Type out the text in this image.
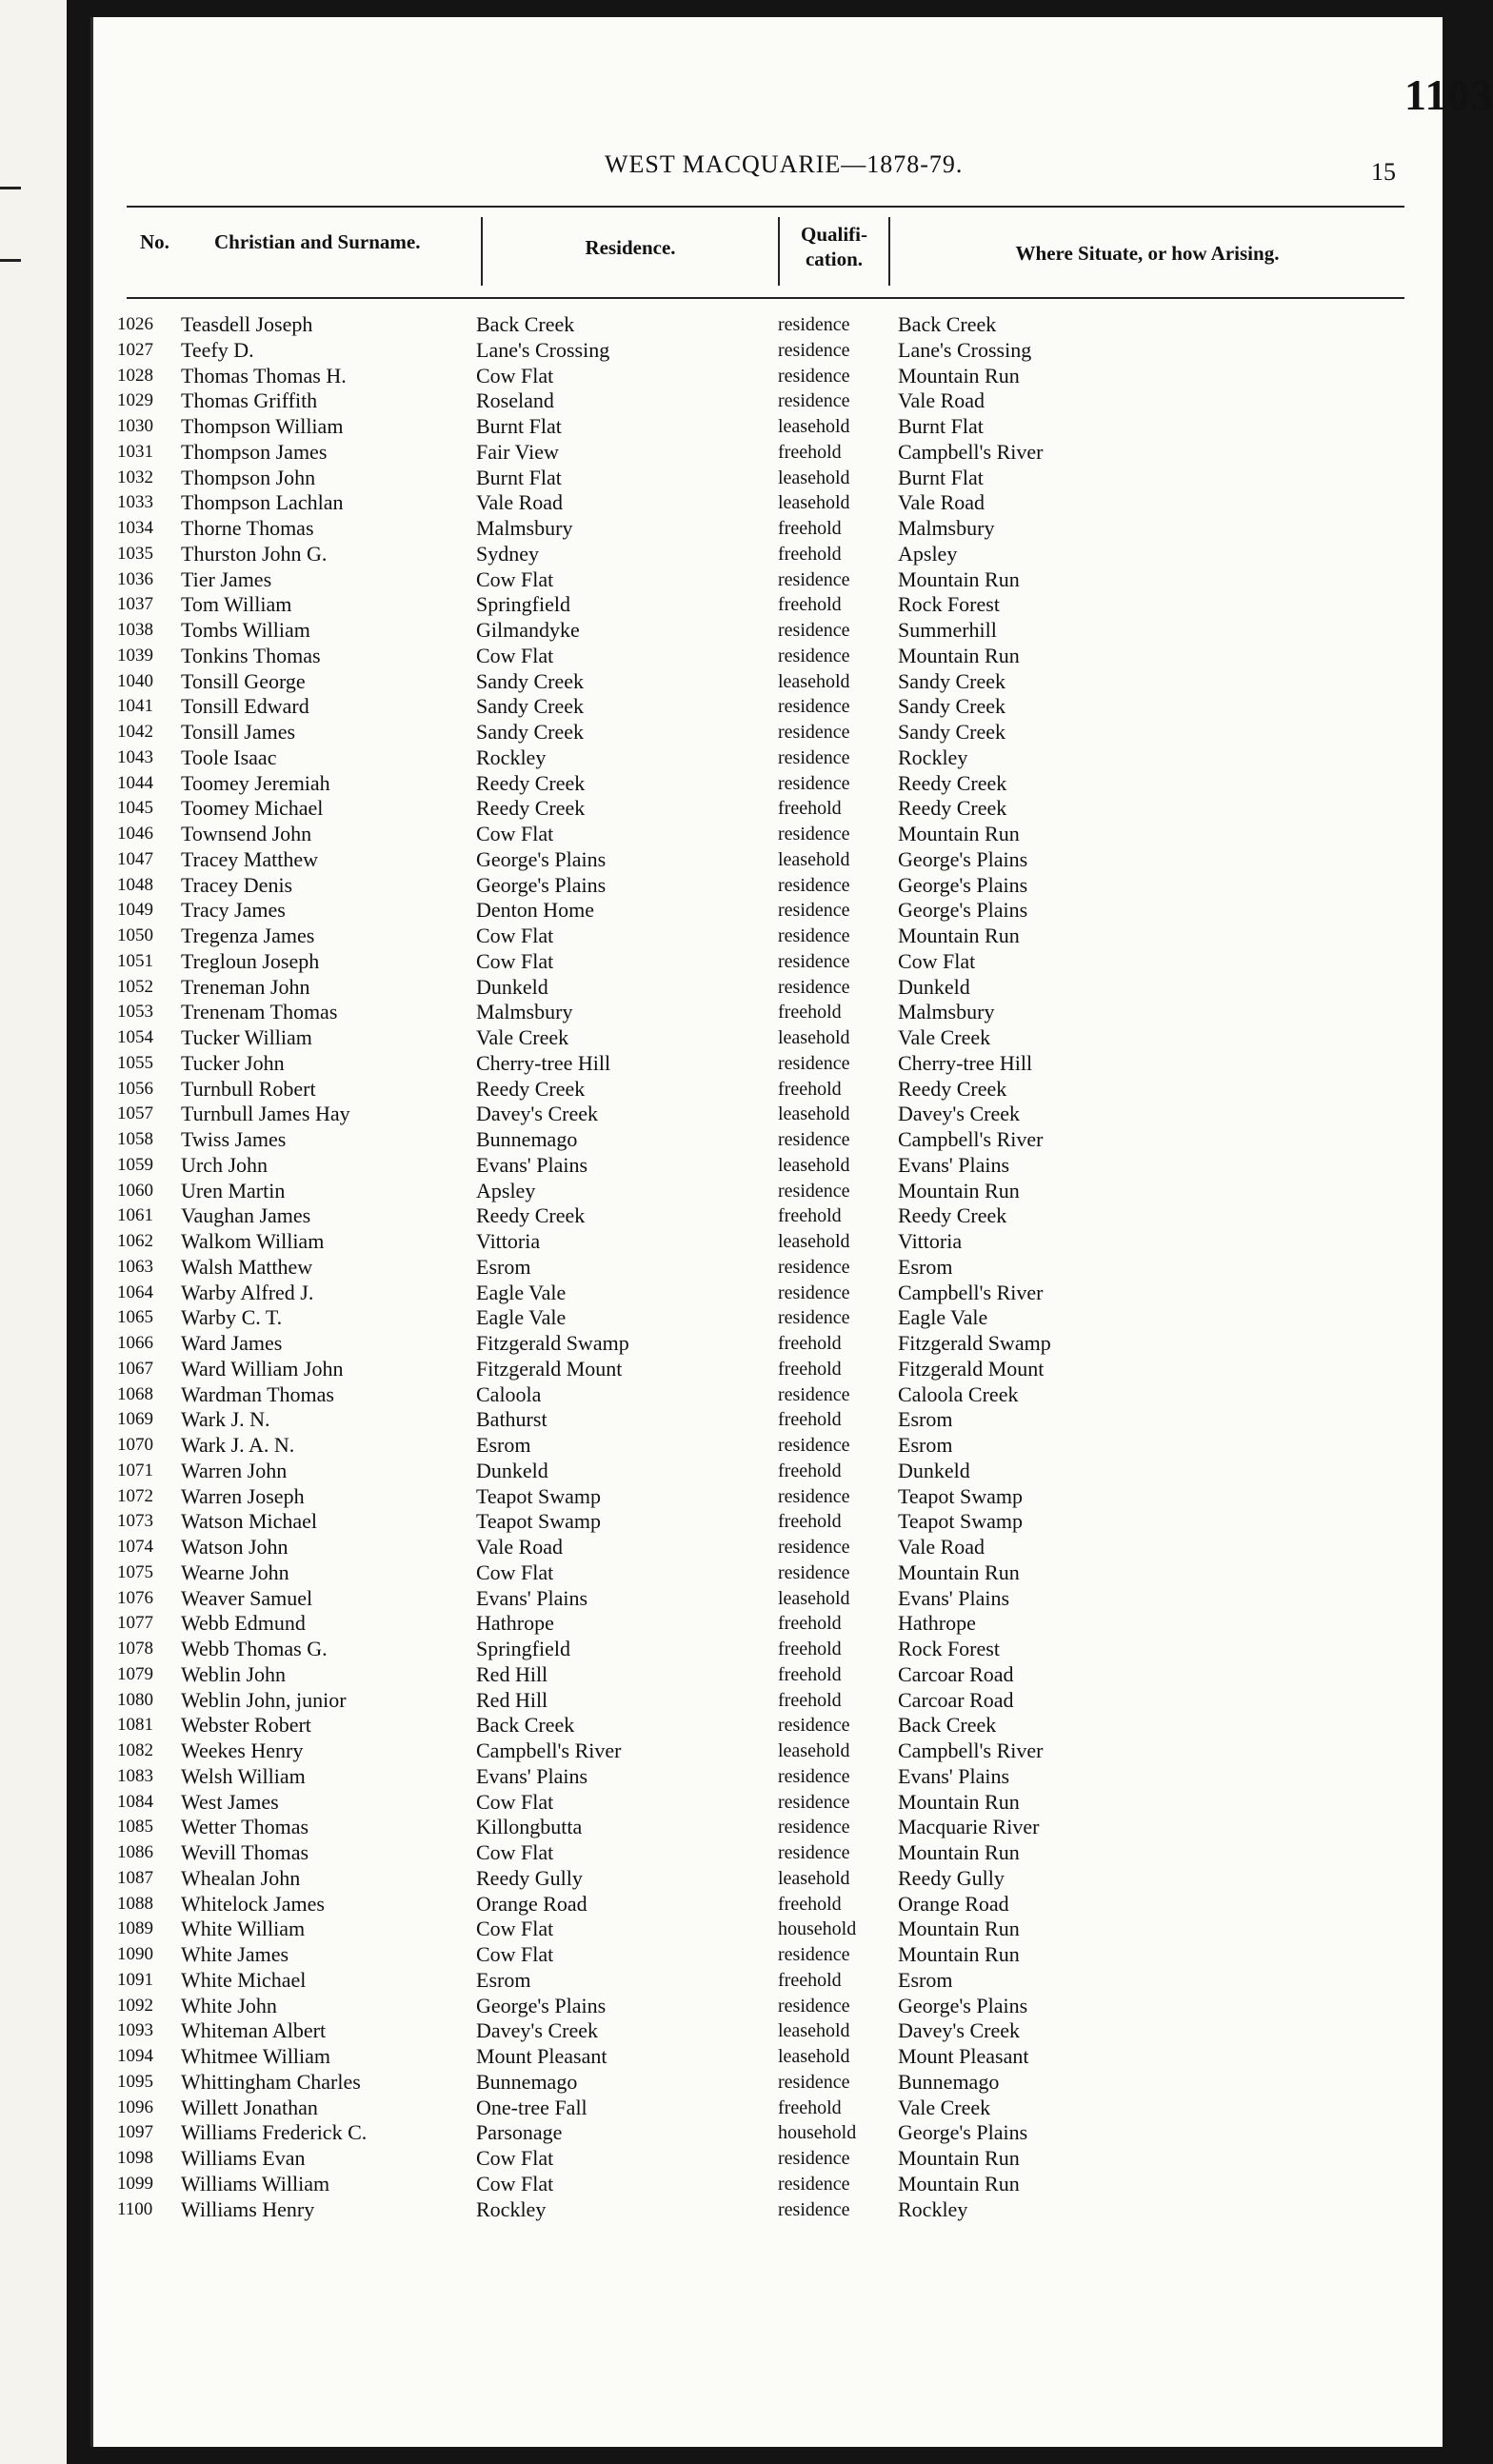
1103
WEST MACQUARIE—1878-79.	15
No. Christian and Surname.	Residence.
Qualifi-
cation.	Where Situate, or how Arising.
1026 Teasdell Joseph	Back Creek	residence Back Creek
1027 Teefy D.	Lane's Crossing	residence Lane's Crossing
1028 Thomas Thomas H.	Cow Flat	residence Mountain Run
1029 Thomas Griffith	Roseland	residence Vale Road
1030 Thompson William	Burnt Flat	leasehold Burnt Flat
1031 Thompson James	Fair View	freehold	Campbell's River
1032 Thompson John	Burnt Flat	leasehold Burnt Flat
1033 Thompson Lachlan	Vale Road	leasehold Vale Road
1034 Thorne Thomas	Malmsbury	freehold	Malmsbury
1035 Thurston John G.	Sydney	freehold	Apsley
1036 Tier James	Cow Flat	residence Mountain Run
1037 Tom William	Springfield	freehold	Rock Forest
1038 Tombs William	Gilmandyke	residence Summerhill
1039 Tonkins Thomas	Cow Flat	residence Mountain Run
1040 Tonsill George	Sandy Creek	leasehold Sandy Creek
1041 Tonsill Edward	Sandy Creek	residence Sandy Creek
1042 Tonsill James	Sandy Creek	residence Sandy Creek
1043 Toole Isaac	Rockley	residence Rockley
1044 Toomey Jeremiah	Reedy Creek	residence Reedy Creek
1045 Toomey Michael	Reedy Creek	freehold	Reedy Creek
1046 Townsend John	Cow Flat	residence Mountain Run
1047 Tracey Matthew	George's Plains	leasehold George's Plains
1048 Tracey Denis	George's Plains	residence George's Plains
1049 Tracy James	Denton Home	residence George's Plains
1050 Tregenza James	Cow Flat	residence Mountain Run
1051 Tregloun Joseph	Cow Flat	residence Cow Flat
1052 Treneman John	Dunkeld	residence Dunkeld
1053 Trenenam Thomas	Malmsbury	freehold	Malmsbury
1054 Tucker William	Vale Creek	leasehold Vale Creek
1055 Tucker John	Cherry-tree Hill	residence Cherry-tree Hill
1056 Turnbull Robert	Reedy Creek	freehold	Reedy Creek
1057 Turnbull James Hay	Davey's Creek	leasehold Davey's Creek
1058 Twiss James	Bunnemago	residence Campbell's River
1059 Urch John	Evans' Plains	leasehold Evans' Plains
1060 Uren Martin	Apsley	residence Mountain Run
1061 Vaughan James	Reedy Creek	freehold	Reedy Creek
1062 Walkom William	Vittoria	leasehold Vittoria
1063 Walsh Matthew	Esrom	residence Esrom
1064 Warby Alfred J.	Eagle Vale	residence Campbell's River
1065 Warby C. T.	Eagle Vale	residence Eagle Vale
1066 Ward James	Fitzgerald Swamp	freehold	Fitzgerald Swamp
1067 Ward William John	Fitzgerald Mount	freehold	Fitzgerald Mount
1068 Wardman Thomas	Caloola	residence Caloola Creek
1069 Wark J. N.	Bathurst	freehold	Esrom
1070 Wark J. A. N.	Esrom	residence Esrom
1071 Warren John	Dunkeld	freehold	Dunkeld
1072 Warren Joseph	Teapot Swamp	residence Teapot Swamp
1073 Watson Michael	Teapot Swamp	freehold	Teapot Swamp
1074 Watson John	Vale Road	residence Vale Road
1075 Wearne John	Cow Flat	residence Mountain Run
1076 Weaver Samuel	Evans' Plains	leasehold Evans' Plains
1077 Webb Edmund	Hathrope	freehold	Hathrope
1078 Webb Thomas G.	Springfield	freehold	Rock Forest
1079 Weblin John	Red Hill	freehold	Carcoar Road
1080 Weblin John, junior	Red Hill	freehold	Carcoar Road
1081 Webster Robert	Back Creek	residence Back Creek
1082 Weekes Henry	Campbell's River	leasehold Campbell's River
1083 Welsh William	Evans' Plains	residence Evans' Plains
1084 West James	Cow Flat	residence Mountain Run
1085 Wetter Thomas	Killongbutta	residence Macquarie River
1086 Wevill Thomas	Cow Flat	residence Mountain Run
1087 Whealan John	Reedy Gully	leasehold Reedy Gully
1088 Whitelock James	Orange Road	freehold	Orange Road
1089 White William	Cow Flat	household Mountain Run
1090 White James	Cow Flat	residence Mountain Run
1091 White Michael	Esrom	freehold	Esrom
1092 White John	George's Plains	residence George's Plains
1093 Whiteman Albert	Davey's Creek	leasehold Davey's Creek
1094 Whitmee William	Mount Pleasant	leasehold Mount Pleasant
1095 Whittingham Charles	Bunnemago	residence Bunnemago
1096 Willett Jonathan	One-tree Fall	freehold	Vale Creek
1097 Williams Frederick C.	Parsonage	household George's Plains
1098 Williams Evan	Cow Flat	residence Mountain Run
1099 Williams William	Cow Flat	residence Mountain Run
1100 Williams Henry	Rockley	residence Rockley
